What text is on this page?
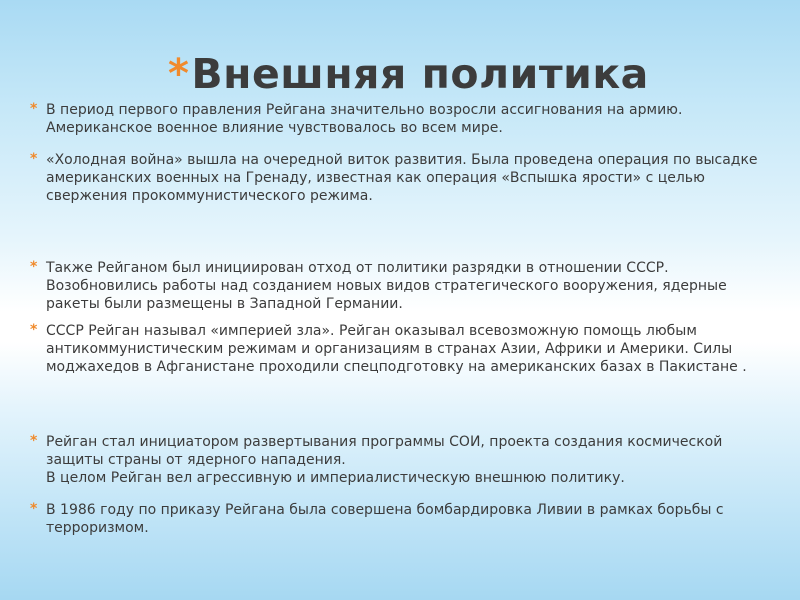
*Внешняя политика
* В период первого правления Рейгана значительно возросли ассигнования на армию. Американское военное влияние чувствовалось во всем мире.
* «Холодная война» вышла на очередной виток развития. Была проведена операция по высадке американских военных на Гренаду, известная как операция «Вспышка ярости» с целью свержения прокоммунистического режима.
* Также Рейганом был инициирован отход от политики разрядки в отношении СССР. Возобновились работы над созданием новых видов стратегического вооружения, ядерные ракеты были размещены в Западной Германии.
* СССР Рейган называл «империей зла». Рейган оказывал всевозможную помощь любым антикоммунистическим режимам и организациям в странах Азии, Африки и Америки. Силы моджахедов в Афганистане проходили спецподготовку на американских базах в Пакистане .
* Рейган стал инициатором развертывания программы СОИ, проекта создания космической защиты страны от ядерного нападения.
В целом Рейган вел агрессивную и империалистическую внешнюю политику.
* В 1986 году по приказу Рейгана была совершена бомбардировка Ливии в рамках борьбы с терроризмом.
